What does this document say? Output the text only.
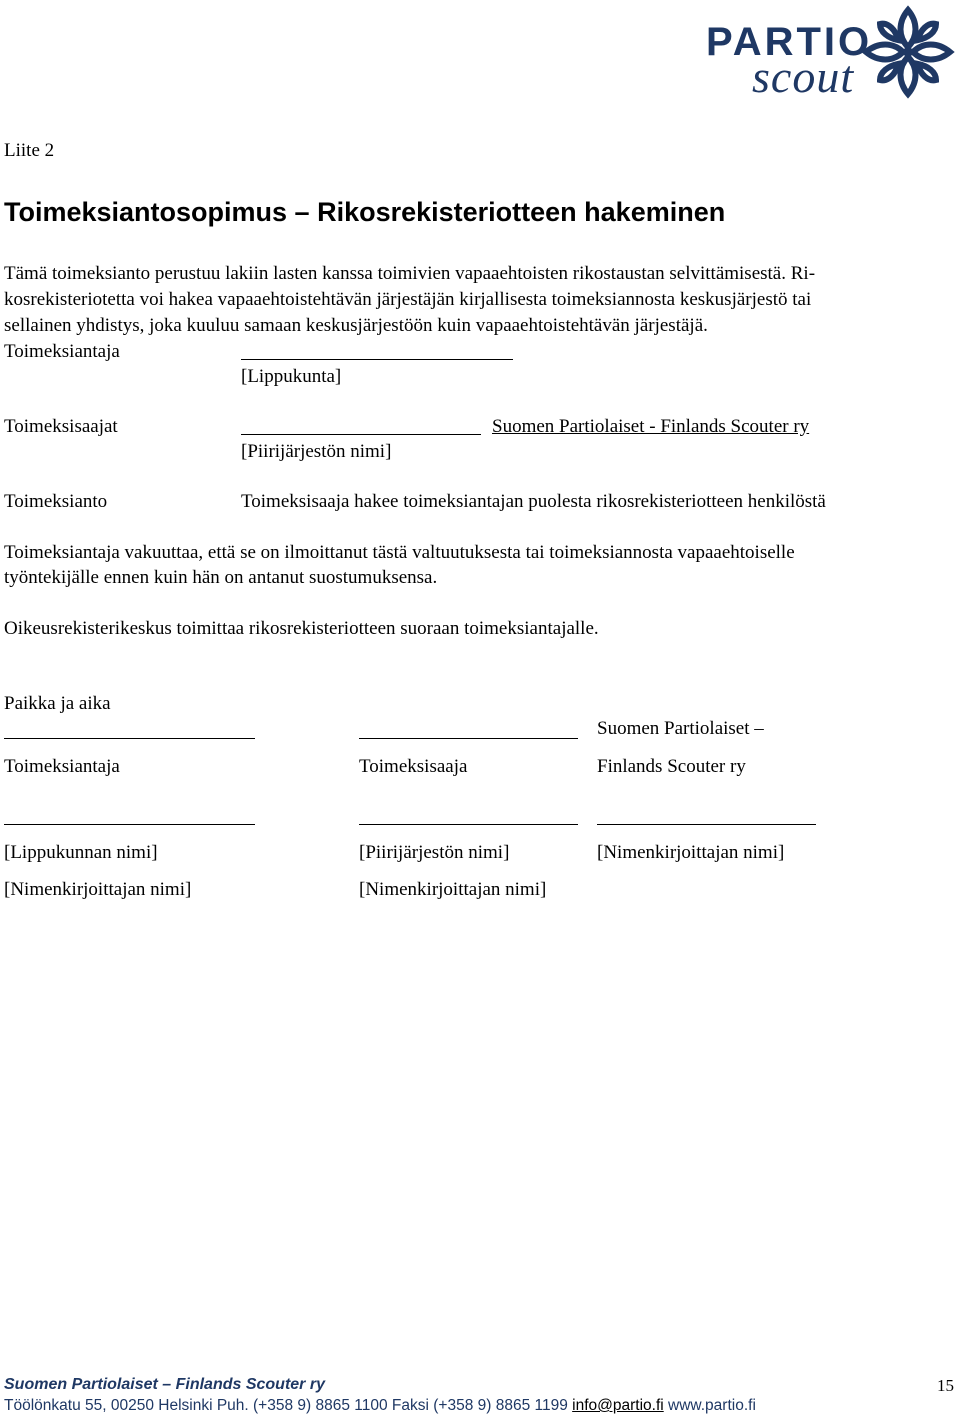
PARTIO
scout
Liite 2
Toimeksiantosopimus – Rikosrekisteriotteen hakeminen
Tämä toimeksianto perustuu lakiin lasten kanssa toimivien vapaaehtoisten rikostaustan selvittämisestä. Ri-
kosrekisteriotetta voi hakea vapaaehtoistehtävän järjestäjän kirjallisesta toimeksiannosta keskusjärjestö tai
sellainen yhdistys, joka kuuluu samaan keskusjärjestöön kuin vapaaehtoistehtävän järjestäjä.
Toimeksiantaja
[Lippukunta]
Toimeksisaajat	Suomen Partiolaiset - Finlands Scouter ry
[Piirijärjestön nimi]
Toimeksianto	Toimeksisaaja hakee toimeksiantajan puolesta rikosrekisteriotteen henkilöstä
Toimeksiantaja vakuuttaa, että se on ilmoittanut tästä valtuutuksesta tai toimeksiannosta vapaaehtoiselle
työntekijälle ennen kuin hän on antanut suostumuksensa.
Oikeusrekisterikeskus toimittaa rikosrekisteriotteen suoraan toimeksiantajalle.
Paikka ja aika
Suomen Partiolaiset –
Toimeksiantaja	Toimeksisaaja	Finlands Scouter ry
[Lippukunnan nimi]	[Piirijärjestön nimi]	[Nimenkirjoittajan nimi]
[Nimenkirjoittajan nimi]	[Nimenkirjoittajan nimi]
Suomen Partiolaiset – Finlands Scouter ry
Töölönkatu 55, 00250 Helsinki Puh. (+358 9) 8865 1100 Faksi (+358 9) 8865 1199 info@partio.fi www.partio.fi
15
